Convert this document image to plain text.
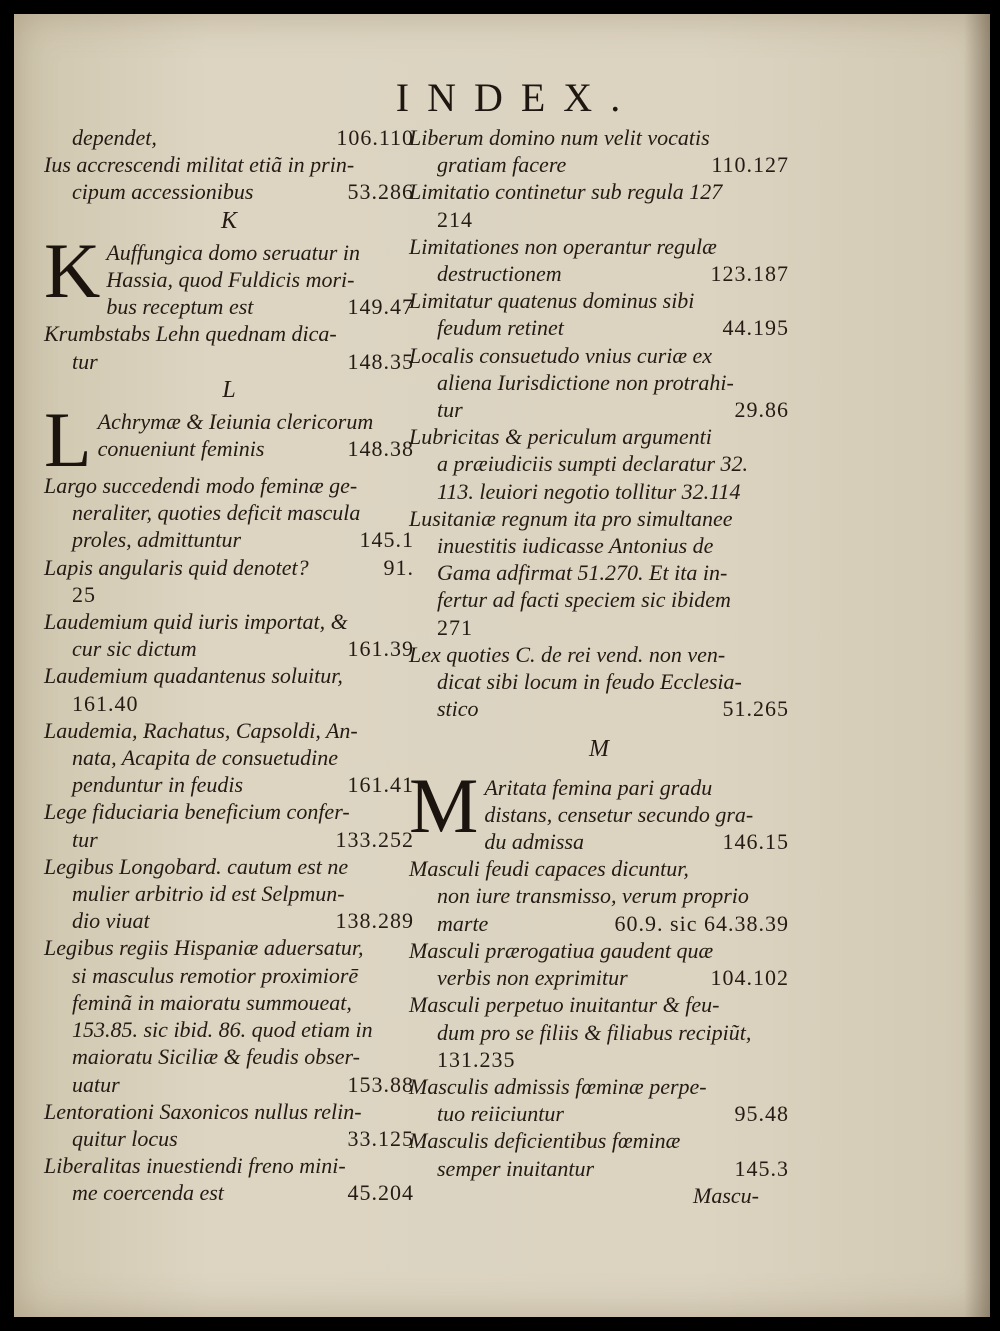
INDEX.
dependet,	106.110
Ius accrescendi militat etiã in prin-
cipum accessionibus	53.286
K
K Auffungica domo seruatur in
Hassia, quod Fuldicis mori-
bus receptum est	149.47
Krumbstabs Lehn quednam dica-
tur	148.35
L
L Achrymæ & Ieiunia clericorum
conueniunt feminis	148.38
Largo succedendi modo feminæ ge-
neraliter, quoties deficit mascula
proles, admittuntur	145.1
Lapis angularis quid denotet?	91.
25
Laudemium quid iuris importat, &
cur sic dictum	161.39
Laudemium quadantenus soluitur,
161.40
Laudemia, Rachatus, Capsoldi, An-
nata, Acapita de consuetudine
penduntur in feudis	161.41
Lege fiduciaria beneficium confer-
tur	133.252
Legibus Longobard. cautum est ne
mulier arbitrio id est Selpmun-
dio viuat	138.289
Legibus regiis Hispaniæ aduersatur,
si masculus remotior proximiorē
feminã in maioratu summoueat,
153.85. sic ibid. 86. quod etiam in
maioratu Siciliæ & feudis obser-
uatur	153.88
Lentorationi Saxonicos nullus relin-
quitur locus	33.125
Liberalitas inuestiendi freno mini-
me coercenda est	45.204
Liberum domino num velit vocatis
gratiam facere	110.127
Limitatio continetur sub regula 127
214
Limitationes non operantur regulæ
destructionem	123.187
Limitatur quatenus dominus sibi
feudum retinet	44.195
Localis consuetudo vnius curiæ ex
aliena Iurisdictione non protrahi-
tur	29.86
Lubricitas & periculum argumenti
a præiudiciis sumpti declaratur 32.
113. leuiori negotio tollitur 32.114
Lusitaniæ regnum ita pro simultanee
inuestitis iudicasse Antonius de
Gama adfirmat 51.270. Et ita in-
fertur ad facti speciem sic ibidem
271
Lex quoties C. de rei vend. non ven-
dicat sibi locum in feudo Ecclesia-
stico	51.265
M
M Aritata femina pari gradu
distans, censetur secundo gra-
du admissa	146.15
Masculi feudi capaces dicuntur,
non iure transmisso, verum proprio
marte	60.9. sic 64.38.39
Masculi prærogatiua gaudent quæ
verbis non exprimitur	104.102
Masculi perpetuo inuitantur & feu-
dum pro se filiis & filiabus recipiũt,
131.235
Masculis admissis fœminæ perpe-
tuo reiiciuntur	95.48
Masculis deficientibus fœminæ
semper inuitantur	145.3
Mascu-
